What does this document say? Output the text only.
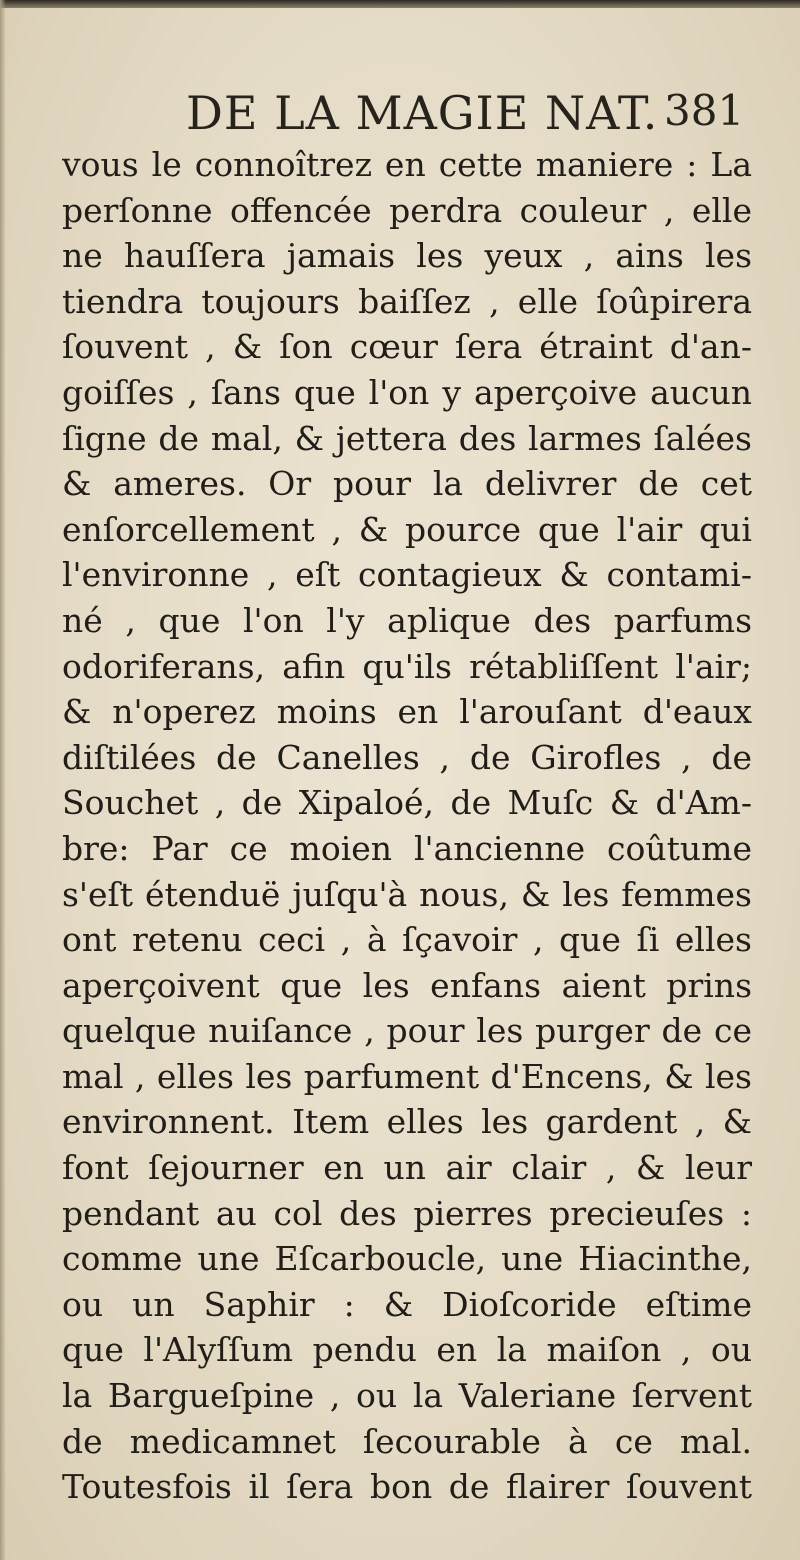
DE LA MAGIE NAT. 381
vous le connoîtrez en cette maniere : La
perſonne offencée perdra couleur , elle
ne hauſſera jamais les yeux , ains les
tiendra toujours baiſſez , elle ſoûpirera
ſouvent , & ſon cœur ſera étraint d'an-
goiſſes , ſans que l'on y aperçoive aucun
ſigne de mal, & jettera des larmes ſalées
& ameres. Or pour la delivrer de cet
enſorcellement , & pource que l'air qui
l'environne , eſt contagieux & contami-
né , que l'on l'y aplique des parfums
odoriferans, afin qu'ils rétabliſſent l'air;
& n'operez moins en l'arouſant d'eaux
diſtilées de Canelles , de Girofles , de
Souchet , de Xipaloé, de Muſc & d'Am-
bre: Par ce moien l'ancienne coûtume
s'eſt étenduë juſqu'à nous, & les femmes
ont retenu ceci , à ſçavoir , que ſi elles
aperçoivent que les enfans aient prins
quelque nuiſance , pour les purger de ce
mal , elles les parfument d'Encens, & les
environnent. Item elles les gardent , &
font ſejourner en un air clair , & leur
pendant au col des pierres precieuſes :
comme une Eſcarboucle, une Hiacinthe,
ou un Saphir : & Dioſcoride eſtime
que l'Alyſſum pendu en la maiſon , ou
la Bargueſpine , ou la Valeriane ſervent
de medicamnet ſecourable à ce mal.
Toutesfois il ſera bon de flairer ſouvent
